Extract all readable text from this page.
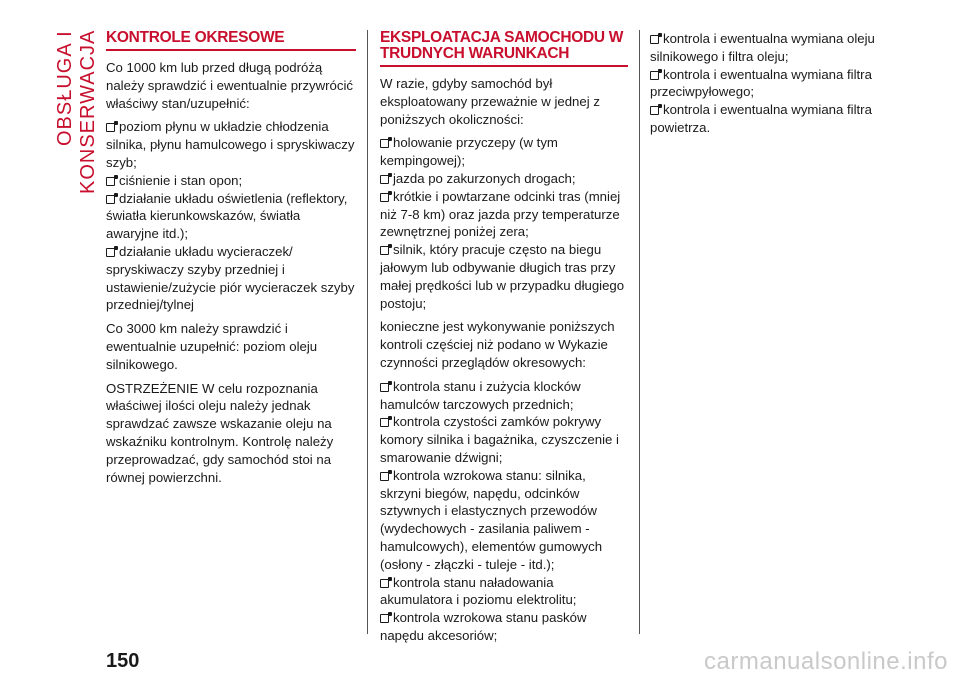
OBSŁUGA I KONSERWACJA KONTROLE OKRESOWE

Co 1000 km lub przed długą podróżą należy sprawdzić i ewentualnie przywrócić właściwy stan/uzupełnić:

poziom płynu w układzie chłodzenia silnika, płynu hamulcowego i spryskiwaczy szyb;
ciśnienie i stan opon;
działanie układu oświetlenia (reflektory, światła kierunkowskazów, światła awaryjne itd.);
działanie układu wycieraczek/ spryskiwaczy szyby przedniej i ustawienie/zużycie piór wycieraczek szyby przedniej/tylnej

Co 3000 km należy sprawdzić i ewentualnie uzupełnić: poziom oleju silnikowego.

OSTRZEŻENIE W celu rozpoznania właściwej ilości oleju należy jednak sprawdzać zawsze wskazanie oleju na wskaźniku kontrolnym. Kontrolę należy przeprowadzać, gdy samochód stoi na równej powierzchni.

EKSPLOATACJA SAMOCHODU W TRUDNYCH WARUNKACH

W razie, gdyby samochód był eksploatowany przeważnie w jednej z poniższych okoliczności:

holowanie przyczepy (w tym kempingowej);
jazda po zakurzonych drogach;
krótkie i powtarzane odcinki tras (mniej niż 7-8 km) oraz jazda przy temperaturze zewnętrznej poniżej zera;
silnik, który pracuje często na biegu jałowym lub odbywanie długich tras przy małej prędkości lub w przypadku długiego postoju;

konieczne jest wykonywanie poniższych kontroli częściej niż podano w Wykazie czynności przeglądów okresowych:

kontrola stanu i zużycia klocków hamulców tarczowych przednich;
kontrola czystości zamków pokrywy komory silnika i bagażnika, czyszczenie i smarowanie dźwigni;
kontrola wzrokowa stanu: silnika, skrzyni biegów, napędu, odcinków sztywnych i elastycznych przewodów (wydechowych - zasilania paliwem - hamulcowych), elementów gumowych (osłony - złączki - tuleje - itd.);
kontrola stanu naładowania akumulatora i poziomu elektrolitu;
kontrola wzrokowa stanu pasków napędu akcesoriów;
kontrola i ewentualna wymiana oleju silnikowego i filtra oleju;
kontrola i ewentualna wymiana filtra przeciwpyłowego;
kontrola i ewentualna wymiana filtra powietrza.
150	carmanualsonline.info
